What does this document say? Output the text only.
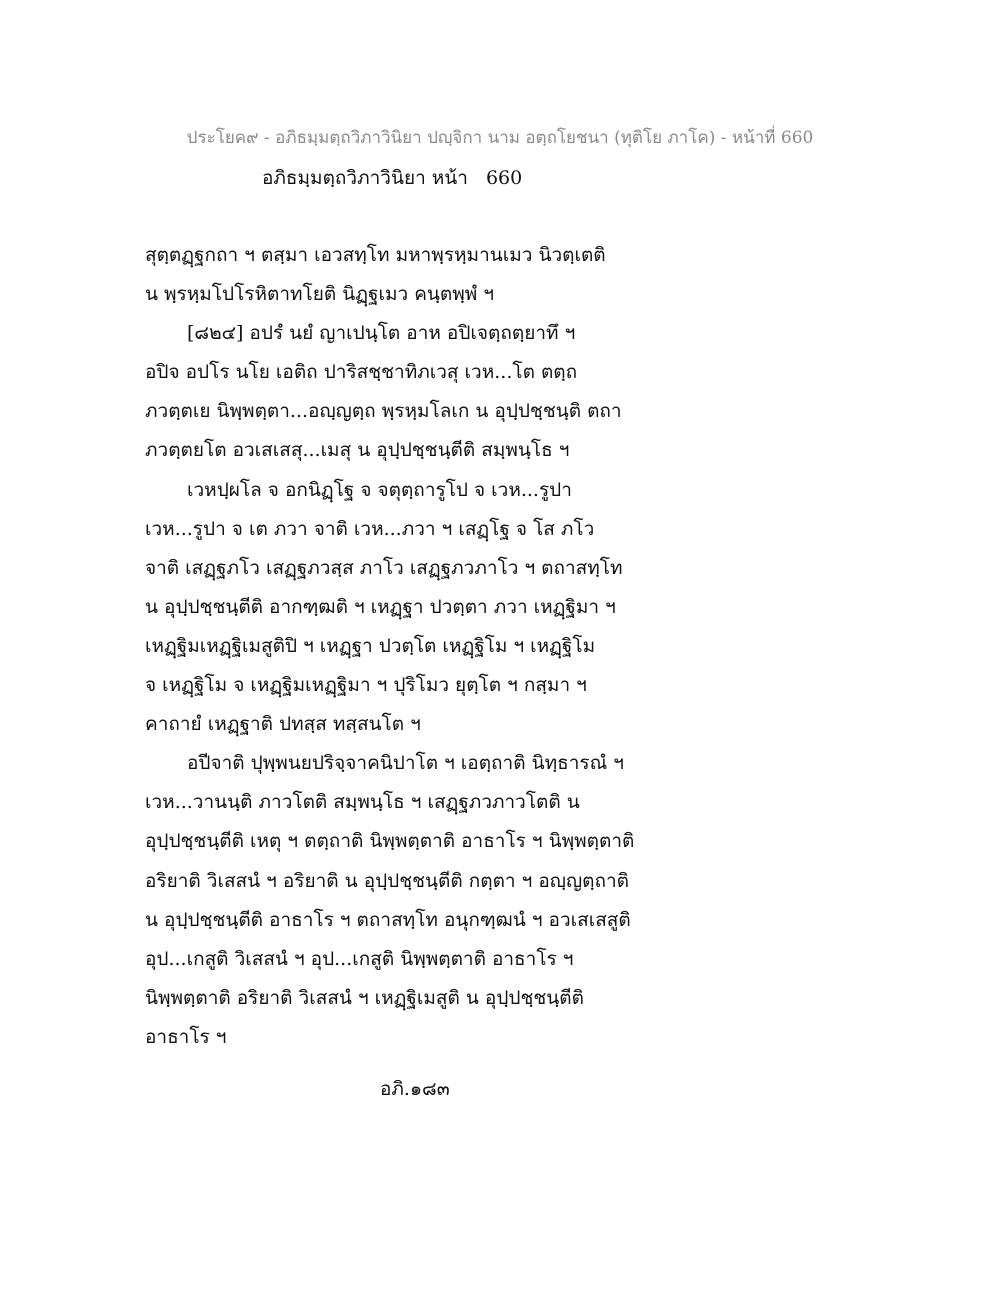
ประโยค๙ - อภิธมฺมตฺถวิภาวินิยา ปญฺจิกา นาม อตฺถโยชนา (ทุติโย ภาโค) - หน้าที่ 660
อภิธมฺมตฺถวิภาวินิยา หน้า 660
สุตฺตฏฺฐกถา ฯ ตสฺมา เอวสทฺโท มหาพฺรหฺมานเมว นิวตฺเตติ
น พฺรหฺมโปโรหิตาทโยติ นิฏฺฐเมว คนฺตพฺพํ ฯ
[๘๒๔] อปรํ นยํ ญาเปนฺโต อาห อปิเจตฺถตฺยาทึ ฯ
อปิจ อปโร นโย เอติถ ปาริสชฺชาทิภเวสุ เวห...โต ตตฺถ
ภวตฺตเย นิพฺพตฺตา...อญฺญตฺถ พฺรหฺมโลเก น อุปฺปชฺชนฺติ ตถา
ภวตฺตยโต อวเสเสสุ...เมสุ น อุปฺปชฺชนฺตีติ สมฺพนฺโธ ฯ
เวหปฺผโล จ อกนิฏฺโฐ จ จตุตฺถารูโป จ เวห...รูปา
เวห...รูปา จ เต ภวา จาติ เวห...ภวา ฯ เสฏฺโฐ จ โส ภโว
จาติ เสฏฺฐภโว เสฏฺฐภวสฺส ภาโว เสฏฺฐภวภาโว ฯ ตถาสทฺโท
น อุปฺปชฺชนฺตีติ อากฑฺฒติ ฯ เหฏฺฐา ปวตฺตา ภวา เหฏฺฐิมา ฯ
เหฏฺฐิมเหฏฺฐิเมสูติปิ ฯ เหฏฺฐา ปวตฺโต เหฏฺฐิโม ฯ เหฏฺฐิโม
จ เหฏฺฐิโม จ เหฏฺฐิมเหฏฺฐิมา ฯ ปุริโมว ยุตฺโต ฯ กสฺมา ฯ
คาถายํ เหฏฺฐาติ ปทสฺส ทสฺสนโต ฯ
อปีจาติ ปุพฺพนยปริจฺจาคนิปาโต ฯ เอตฺถาติ นิทฺธารณํ ฯ
เวห...วานนฺติ ภาวโตติ สมฺพนฺโธ ฯ เสฏฺฐภวภาวโตติ น
อุปฺปชฺชนฺตีติ เหตุ ฯ ตตฺถาติ นิพฺพตฺตาติ อาธาโร ฯ นิพฺพตฺตาติ
อริยาติ วิเสสนํ ฯ อริยาติ น อุปฺปชฺชนฺตีติ กตฺตา ฯ อญฺญตฺถาติ
น อุปฺปชฺชนฺตีติ อาธาโร ฯ ตถาสทฺโท อนุกฑฺฒนํ ฯ อวเสเสสูติ
อุป...เกสูติ วิเสสนํ ฯ อุป...เกสูติ นิพฺพตฺตาติ อาธาโร ฯ
นิพฺพตฺตาติ อริยาติ วิเสสนํ ฯ เหฏฺฐิเมสูติ น อุปฺปชฺชนฺตีติ
อาธาโร ฯ
อภิ.๑๘๓
